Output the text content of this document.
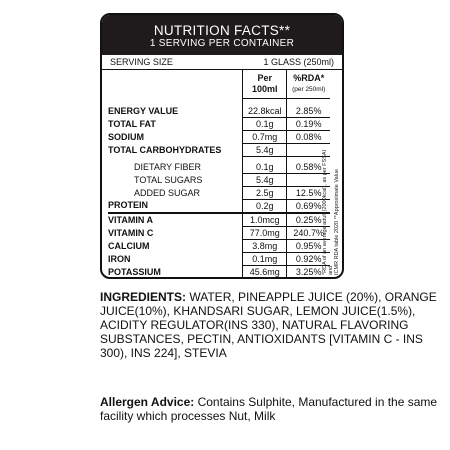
NUTRITION FACTS**
1 SERVING PER CONTAINER
SERVING SIZE	1 GLASS (250ml)
	Per
100ml	%RDA*
(per 250ml)

ENERGY VALUE	22.8kcal	2.85%
TOTAL FAT	0.1g	0.19%
SODIUM	0.7mg	0.08%
TOTAL CARBOHYDRATES	5.4g	

DIETARY FIBER	0.1g	0.58%
TOTAL SUGARS	5.4g	
ADDED SUGAR	2.5g	12.5%
PROTEIN	0.2g	0.69%
VITAMIN A	1.0mcg	0.25%
VITAMIN C	77.0mg	240.7%
CALCIUM	3.8mg	0.95%
IRON	0.1mg	0.92%
POTASSIUM	45.6mg	3.25% *RDA of an average adult (2000kcal), as per FSSAI and ICMR RDA table 2020 **Approximate Value

INGREDIENTS: WATER, PINEAPPLE JUICE (20%), ORANGE JUICE(10%), KHANDSARI SUGAR, LEMON JUICE(1.5%), ACIDITY REGULATOR(INS 330), NATURAL FLAVORING SUBSTANCES, PECTIN, ANTIOXIDANTS [VITAMIN C - INS 300), INS 224], STEVIA

Allergen Advice: Contains Sulphite, Manufactured in the same facility which processes Nut, Milk
